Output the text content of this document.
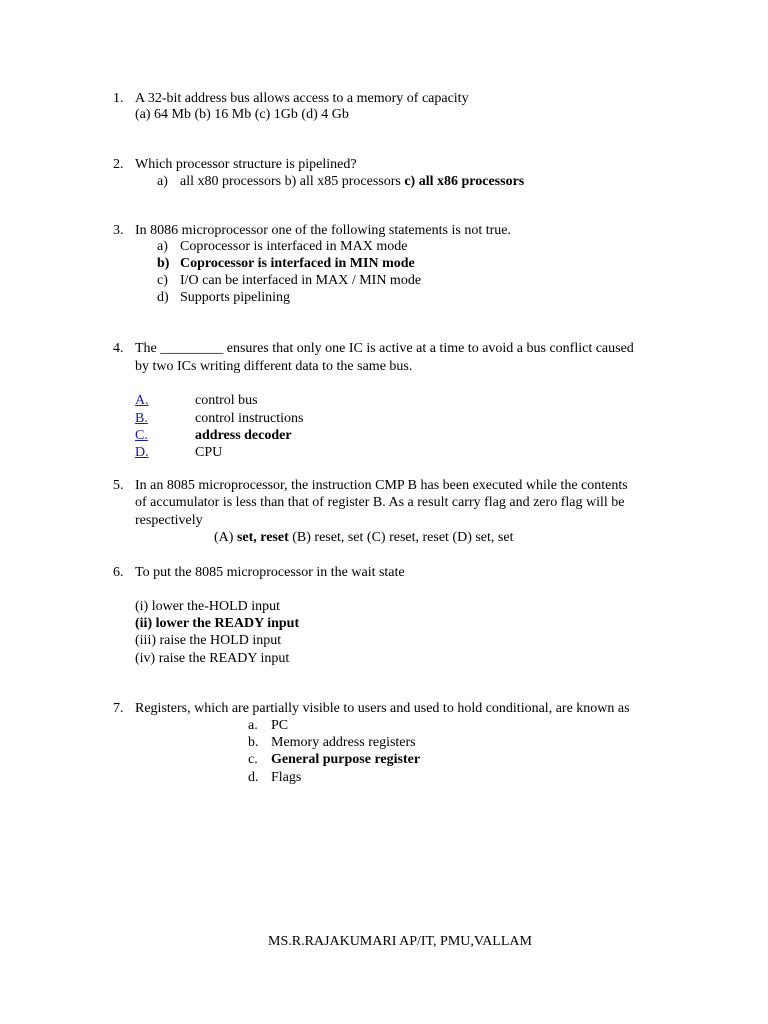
1. A 32-bit address bus allows access to a memory of capacity
(a) 64 Mb (b) 16 Mb (c) 1Gb (d) 4 Gb
2. Which processor structure is pipelined?
a) all x80 processors b) all x85 processors c) all x86 processors
3. In 8086 microprocessor one of the following statements is not true.
a) Coprocessor is interfaced in MAX mode
b) Coprocessor is interfaced in MIN mode
c) I/O can be interfaced in MAX / MIN mode
d) Supports pipelining
4. The _________ ensures that only one IC is active at a time to avoid a bus conflict caused
by two ICs writing different data to the same bus.
A.	control bus
B.	control instructions
C.	address decoder
D.	CPU
5. In an 8085 microprocessor, the instruction CMP B has been executed while the contents
of accumulator is less than that of register B. As a result carry flag and zero flag will be
respectively
(A) set, reset (B) reset, set (C) reset, reset (D) set, set
6. To put the 8085 microprocessor in the wait state
(i) lower the-HOLD input
(ii) lower the READY input
(iii) raise the HOLD input
(iv) raise the READY input
7. Registers, which are partially visible to users and used to hold conditional, are known as
a. PC
b. Memory address registers
c. General purpose register
d. Flags
MS.R.RAJAKUMARI AP/IT, PMU,VALLAM
